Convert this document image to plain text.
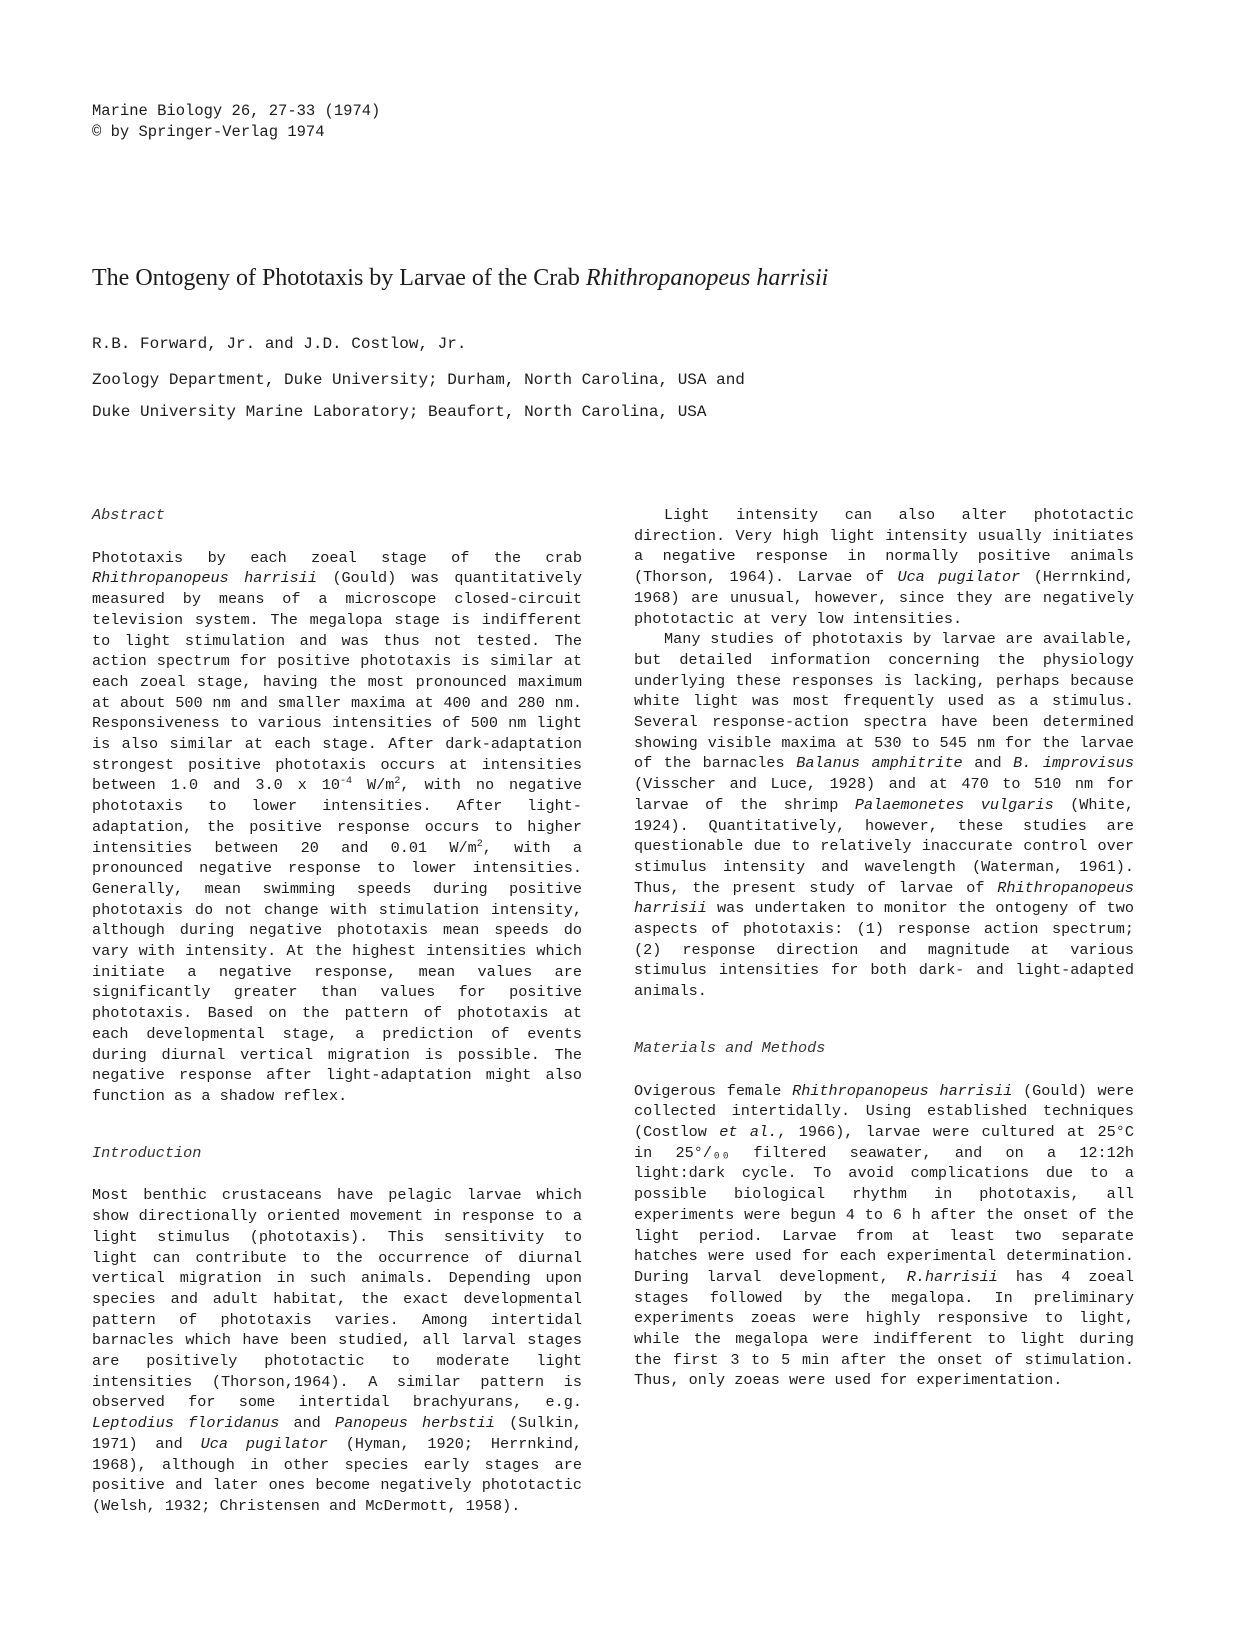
Marine Biology 26, 27-33 (1974)
© by Springer-Verlag 1974
The Ontogeny of Phototaxis by Larvae of the Crab Rhithropanopeus harrisii
R.B. Forward, Jr. and J.D. Costlow, Jr.
Zoology Department, Duke University; Durham, North Carolina, USA and
Duke University Marine Laboratory; Beaufort, North Carolina, USA

Abstract

Phototaxis by each zoeal stage of the crab Rhithropanopeus harrisii (Gould) was quantitatively measured by means of a microscope closed-circuit television system. The megalopa stage is indifferent to light stimulation and was thus not tested. The action spectrum for positive phototaxis is similar at each zoeal stage, having the most pronounced maximum at about 500 nm and smaller maxima at 400 and 280 nm. Responsiveness to various intensities of 500 nm light is also similar at each stage. After dark-adaptation strongest positive phototaxis occurs at intensities between 1.0 and 3.0 x $10^{-4}$ $W/m^2$, with no negative phototaxis to lower intensities. After light-adaptation, the positive response occurs to higher intensities between 20 and 0.01 $W/m^2$, with a pronounced negative response to lower intensities. Generally, mean swimming speeds during positive phototaxis do not change with stimulation intensity, although during negative phototaxis mean speeds do vary with intensity. At the highest intensities which initiate a negative response, mean values are significantly greater than values for positive phototaxis. Based on the pattern of phototaxis at each developmental stage, a prediction of events during diurnal vertical migration is possible. The negative response after light-adaptation might also function as a shadow reflex.

Introduction

Most benthic crustaceans have pelagic larvae which show directionally oriented movement in response to a light stimulus (phototaxis). This sensitivity to light can contribute to the occurrence of diurnal vertical migration in such animals. Depending upon species and adult habitat, the exact developmental pattern of phototaxis varies. Among intertidal barnacles which have been studied, all larval stages are positively phototactic to moderate light intensities (Thorson,1964). A similar pattern is observed for some intertidal brachyurans, e.g. Leptodius floridanus and Panopeus herbstii (Sulkin, 1971) and Uca pugilator (Hyman, 1920; Herrnkind, 1968), although in other species early stages are positive and later ones become negatively phototactic (Welsh, 1932; Christensen and McDermott, 1958).

Light intensity can also alter phototactic direction. Very high light intensity usually initiates a negative response in normally positive animals (Thorson, 1964). Larvae of Uca pugilator (Herrnkind, 1968) are unusual, however, since they are negatively phototactic at very low intensities.

Many studies of phototaxis by larvae are available, but detailed information concerning the physiology underlying these responses is lacking, perhaps because white light was most frequently used as a stimulus. Several response-action spectra have been determined showing visible maxima at 530 to 545 nm for the larvae of the barnacles Balanus amphitrite and B. improvisus (Visscher and Luce, 1928) and at 470 to 510 nm for larvae of the shrimp Palaemonetes vulgaris (White, 1924). Quantitatively, however, these studies are questionable due to relatively inaccurate control over stimulus intensity and wavelength (Waterman, 1961). Thus, the present study of larvae of Rhithropanopeus harrisii was undertaken to monitor the ontogeny of two aspects of phototaxis: (1) response action spectrum; (2) response direction and magnitude at various stimulus intensities for both dark- and light-adapted animals.

Materials and Methods

Ovigerous female Rhithropanopeus harrisii (Gould) were collected intertidally. Using established techniques (Costlow et al., 1966), larvae were cultured at 25°C in 25°/₀₀ filtered seawater, and on a 12:12h light:dark cycle. To avoid complications due to a possible biological rhythm in phototaxis, all experiments were begun 4 to 6 h after the onset of the light period. Larvae from at least two separate hatches were used for each experimental determination. During larval development, R.harrisii has 4 zoeal stages followed by the megalopa. In preliminary experiments zoeas were highly responsive to light, while the megalopa were indifferent to light during the first 3 to 5 min after the onset of stimulation. Thus, only zoeas were used for experimentation.
